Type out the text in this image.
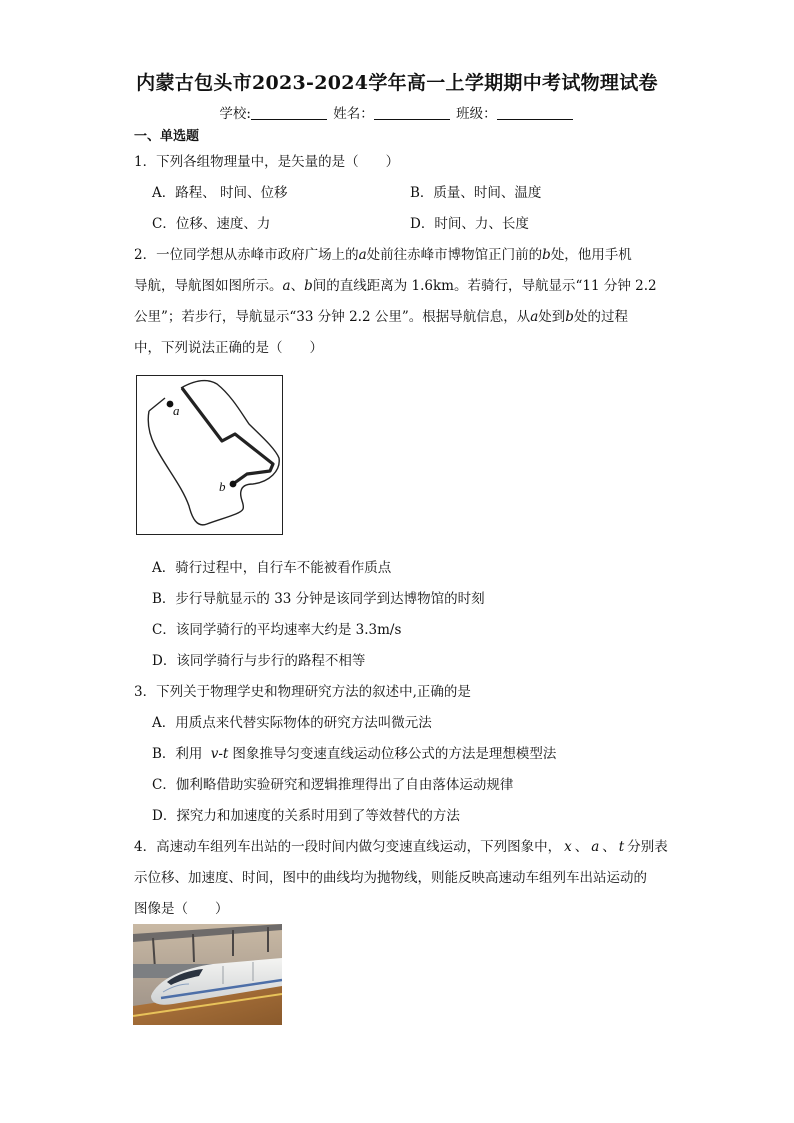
内蒙古包头市2023-2024学年高一上学期期中考试物理试卷
学校:	姓名：	班级：
一、单选题
1．下列各组物理量中，是矢量的是（　　）
A．路程、 时间、位移	B．质量、时间、温度
C．位移、速度、力	D．时间、力、长度
2．一位同学想从赤峰市政府广场上的a处前往赤峰市博物馆正门前的b处，他用手机
导航，导航图如图所示。a、b间的直线距离为 1.6km。若骑行，导航显示“11 分钟 2.2
公里”；若步行，导航显示“33 分钟 2.2 公里”。根据导航信息，从a处到b处的过程
中，下列说法正确的是（　　）
a
b
A．骑行过程中，自行车不能被看作质点
B．步行导航显示的 33 分钟是该同学到达博物馆的时刻
C．该同学骑行的平均速率大约是 3.3m/s
D．该同学骑行与步行的路程不相等
3．下列关于物理学史和物理研究方法的叙述中,正确的是
A．用质点来代替实际物体的研究方法叫微元法
B．利用 v-t 图象推导匀变速直线运动位移公式的方法是理想模型法
C．伽利略借助实验研究和逻辑推理得出了自由落体运动规律
D．探究力和加速度的关系时用到了等效替代的方法
4．高速动车组列车出站的一段时间内做匀变速直线运动，下列图象中， x 、 a 、 t 分别表
示位移、加速度、时间，图中的曲线均为抛物线，则能反映高速动车组列车出站运动的
图像是（　　）
